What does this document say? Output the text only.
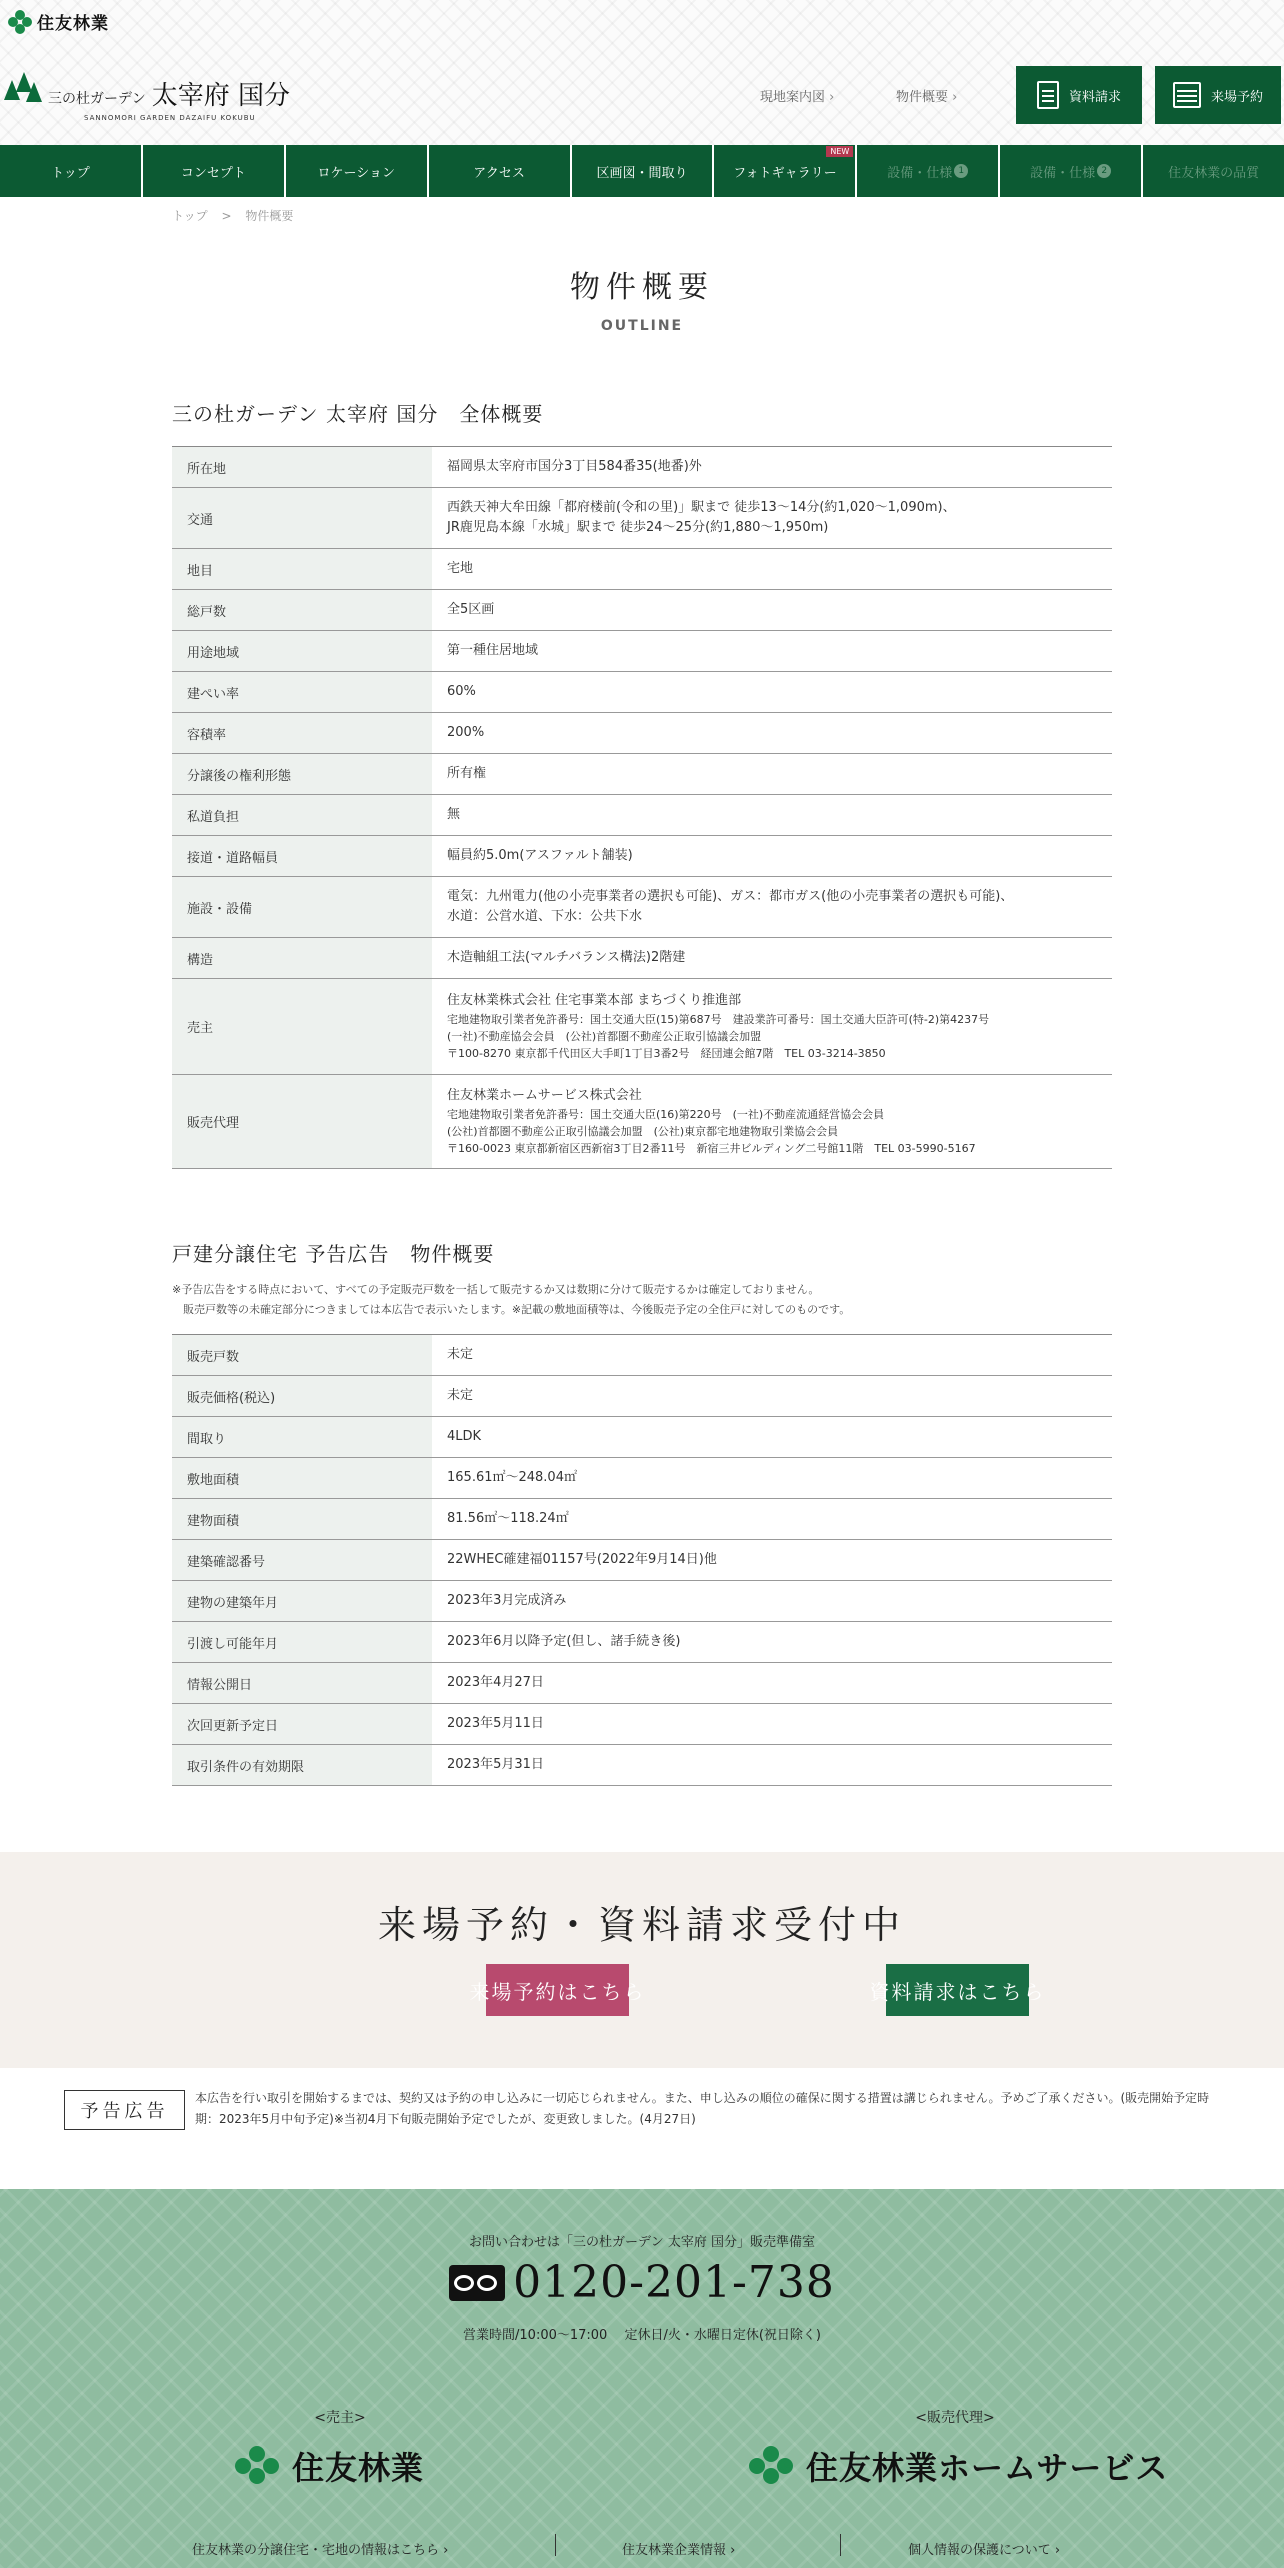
住友林業
三の杜ガーデン 太宰府 国分
SANNOMORI GARDEN DAZAIFU KOKUBU
現地案内図 ›	物件概要 ›	資料請求	来場予約
トップ	コンセプト	ロケーション	アクセス	区画図・間取り	フォトギャラリー
NEW
設備・仕様 1	設備・仕様 2	住友林業の品質
トップ > 物件概要
物件概要
OUTLINE
三の杜ガーデン 太宰府 国分　全体概要
所在地	福岡県太宰府市国分3丁目584番35(地番)外

交通	西鉄天神大牟田線「都府楼前(令和の里)」駅まで 徒歩13～14分(約1,020～1,090m)、
JR鹿児島本線「水城」駅まで 徒歩24～25分(約1,880～1,950m)

地目	宅地

総戸数	全5区画

用途地域	第一種住居地域

建ぺい率	60%

容積率	200%

分譲後の権利形態	所有権

私道負担	無

接道・道路幅員	幅員約5.0m(アスファルト舗装)

施設・設備	電気：九州電力(他の小売事業者の選択も可能)、ガス：都市ガス(他の小売事業者の選択も可能)、
水道：公営水道、下水：公共下水

構造	木造軸組工法(マルチバランス構法)2階建

売主	住友林業株式会社 住宅事業本部 まちづくり推進部
宅地建物取引業者免許番号：国土交通大臣(15)第687号　建設業許可番号：国土交通大臣許可(特-2)第4237号
(一社)不動産協会会員　(公社)首都圏不動産公正取引協議会加盟
〒100-8270 東京都千代田区大手町1丁目3番2号　経団連会館7階　TEL 03-3214-3850

販売代理	住友林業ホームサービス株式会社
宅地建物取引業者免許番号：国土交通大臣(16)第220号　(一社)不動産流通経営協会会員
(公社)首都圏不動産公正取引協議会加盟　(公社)東京都宅地建物取引業協会会員
〒160-0023 東京都新宿区西新宿3丁目2番11号　新宿三井ビルディング二号館11階　TEL 03-5990-5167
戸建分譲住宅 予告広告　物件概要
※予告広告をする時点において、すべての予定販売戸数を一括して販売するか又は数期に分けて販売するかは確定しておりません。
　販売戸数等の未確定部分につきましては本広告で表示いたします。※記載の敷地面積等は、今後販売予定の全住戸に対してのものです。
販売戸数	未定

販売価格(税込)	未定

間取り	4LDK

敷地面積	165.61㎡～248.04㎡

建物面積	81.56㎡～118.24㎡

建築確認番号	22WHEC確建福01157号(2022年9月14日)他

建物の建築年月	2023年3月完成済み

引渡し可能年月	2023年6月以降予定(但し、諸手続き後)

情報公開日	2023年4月27日

次回更新予定日	2023年5月11日

取引条件の有効期限	2023年5月31日
来場予約・資料請求受付中
来場予約はこちら	資料請求はこちら
予告広告
本広告を行い取引を開始するまでは、契約又は予約の申し込みに一切応じられません。また、申し込みの順位の確保に関する措置は講じられません。予めご了承ください。(販売開始予定時期：2023年5月中旬予定)※当初4月下旬販売開始予定でしたが、変更致しました。(4月27日)
お問い合わせは「三の杜ガーデン 太宰府 国分」販売準備室
0120-201-738
営業時間/10:00～17:00　 定休日/火・水曜日定休(祝日除く)
<売主>
住友林業
<販売代理>
住友林業ホームサービス
住友林業の分譲住宅・宅地の情報はこちら ›	住友林業企業情報 ›	個人情報の保護について ›
